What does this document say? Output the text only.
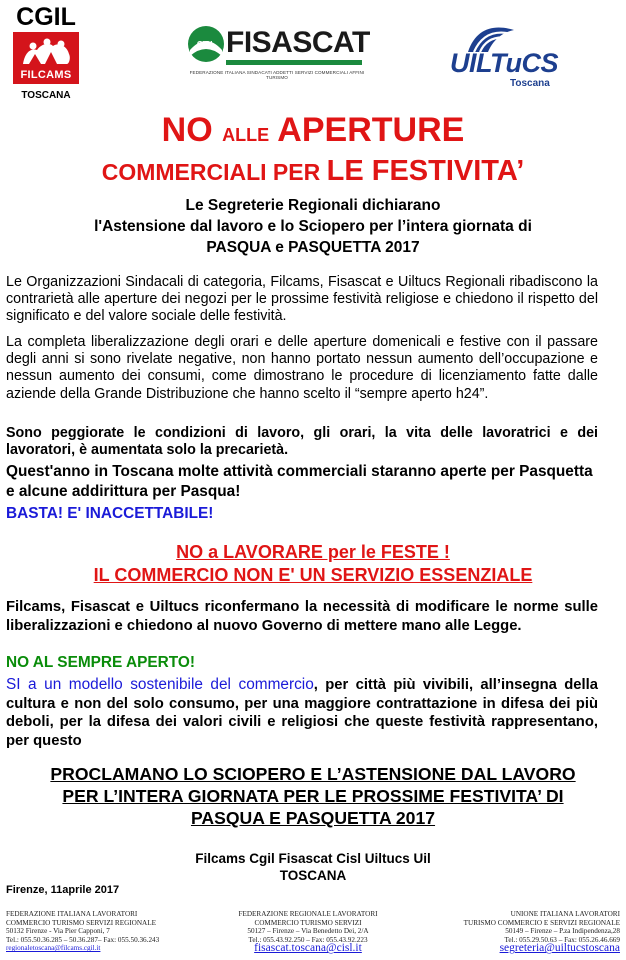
CGIL
FILCAMS
TOSCANA
CISL FISASCAT
FEDERAZIONE ITALIANA SINDACATI ADDETTI SERVIZI COMMERCIALI AFFINI TURISMO	UILTuCS
Toscana
NO ALLE APERTURE
COMMERCIALI PER LE FESTIVITA’
Le Segreterie Regionali dichiarano
l'Astensione dal lavoro e lo Sciopero per l’intera giornata di
PASQUA e PASQUETTA 2017
Le Organizzazioni Sindacali di categoria, Filcams, Fisascat e Uiltucs Regionali ribadiscono la contrarietà alle aperture dei negozi per le prossime festività religiose e chiedono il rispetto del significato e del valore sociale delle festività.
La completa liberalizzazione degli orari e delle aperture domenicali e festive con il passare degli anni si sono rivelate negative, non hanno portato nessun aumento dell’occupazione e nessun aumento dei consumi, come dimostrano le procedure di licenziamento fatte dalle aziende della Grande Distribuzione che hanno scelto il “sempre aperto h24”.
Sono peggiorate le condizioni di lavoro, gli orari, la vita delle lavoratrici e dei lavoratori, è aumentata solo la precarietà.
Quest'anno in Toscana molte attività commerciali staranno aperte per Pasquetta e alcune addirittura per Pasqua!
BASTA! E' INACCETTABILE!
NO a LAVORARE per le FESTE !
IL COMMERCIO NON E' UN SERVIZIO ESSENZIALE
Filcams, Fisascat e Uiltucs riconfermano la necessità di modificare le norme sulle liberalizzazioni e chiedono al nuovo Governo di mettere mano alle Legge.
NO AL SEMPRE APERTO!
SI a un modello sostenibile del commercio, per città più vivibili, all’insegna della cultura e non del solo consumo, per una maggiore contrattazione in difesa dei più deboli, per la difesa dei valori civili e religiosi che queste festività rappresentano, per questo
PROCLAMANO LO SCIOPERO E L’ASTENSIONE DAL LAVORO
PER L’INTERA GIORNATA PER LE PROSSIME FESTIVITA’ DI
PASQUA E PASQUETTA 2017
Filcams Cgil Fisascat Cisl Uiltucs Uil
TOSCANA
Firenze, 11aprile 2017
FEDERAZIONE ITALIANA LAVORATORI
COMMERCIO TURISMO SERVIZI REGIONALE
50132 Firenze - Via Pier Capponi, 7
Tel.: 055.50.36.285 – 50.36.287– Fax: 055.50.36.243
regionaletoscana@filcams.cgil.it
FEDERAZIONE REGIONALE LAVORATORI
COMMERCIO TURISMO SERVIZI
50127 – Firenze – Via Benedetto Dei, 2/A
Tel.: 055.43.92.250 – Fax: 055.43.92.223
fisascat.toscana@cisl.it
UNIONE ITALIANA LAVORATORI
TURISMO COMMERCIO E SERVIZI REGIONALE
50149 – Firenze – P.za Indipendenza,28
Tel.: 055.29.50.63 – Fax: 055.26.46.669
segreteria@uiltucstoscana
